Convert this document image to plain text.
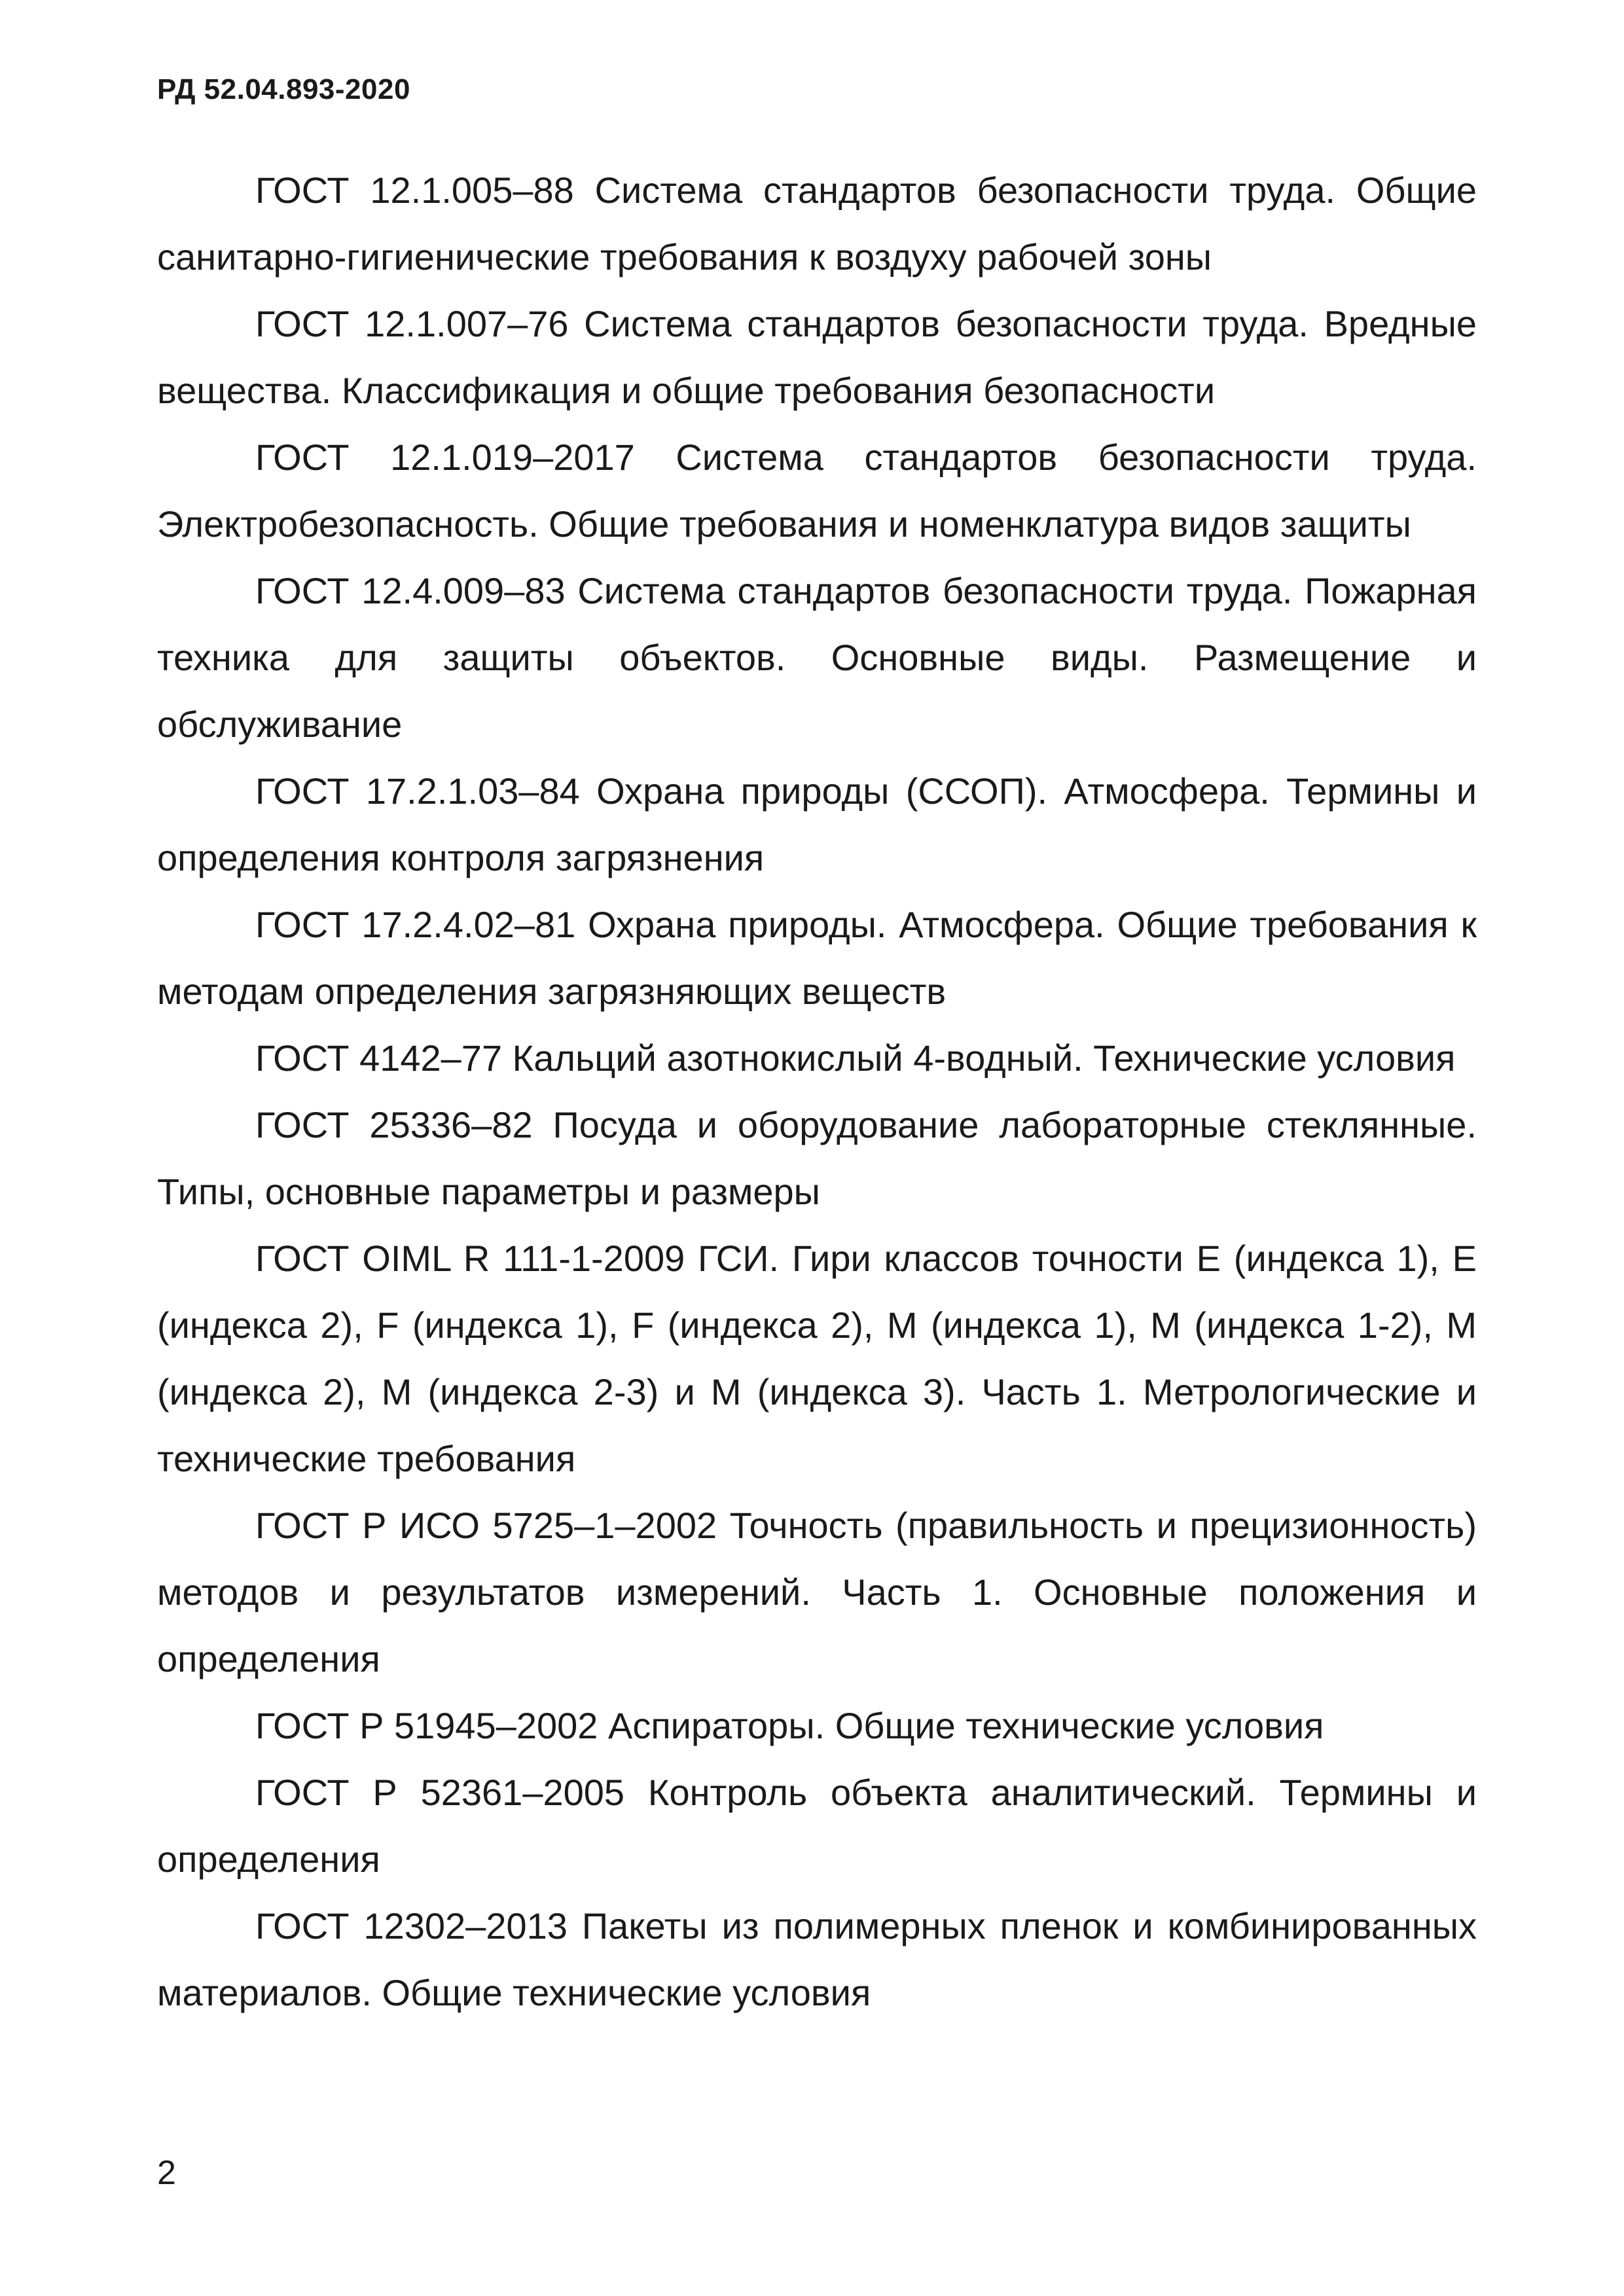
РД 52.04.893-2020

ГОСТ 12.1.005–88 Система стандартов безопасности труда. Общие санитарно-гигиенические требования к воздуху рабочей зоны

ГОСТ 12.1.007–76 Система стандартов безопасности труда. Вредные вещества. Классификация и общие требования безопасности

ГОСТ 12.1.019–2017 Система стандартов безопасности труда. Электробезопасность. Общие требования и номенклатура видов защиты

ГОСТ 12.4.009–83 Система стандартов безопасности труда. Пожарная техника для защиты объектов. Основные виды. Размещение и обслуживание

ГОСТ 17.2.1.03–84 Охрана природы (ССОП). Атмосфера. Термины и определения контроля загрязнения

ГОСТ 17.2.4.02–81 Охрана природы. Атмосфера. Общие требования к методам определения загрязняющих веществ

ГОСТ 4142–77 Кальций азотнокислый 4-водный. Технические условия

ГОСТ 25336–82 Посуда и оборудование лабораторные стеклянные. Типы, основные параметры и размеры

ГОСТ OIML R 111-1-2009 ГСИ. Гири классов точности Е (индекса 1), Е (индекса 2), F (индекса 1), F (индекса 2), М (индекса 1), М (индекса 1-2), М (индекса 2), М (индекса 2-3) и М (индекса 3). Часть 1. Метрологические и технические требования

ГОСТ Р ИСО 5725–1–2002 Точность (правильность и прецизионность) методов и результатов измерений. Часть 1. Основные положения и определения

ГОСТ Р 51945–2002 Аспираторы. Общие технические условия

ГОСТ Р 52361–2005 Контроль объекта аналитический. Термины и определения

ГОСТ 12302–2013 Пакеты из полимерных пленок и комбинированных материалов. Общие технические условия

2
